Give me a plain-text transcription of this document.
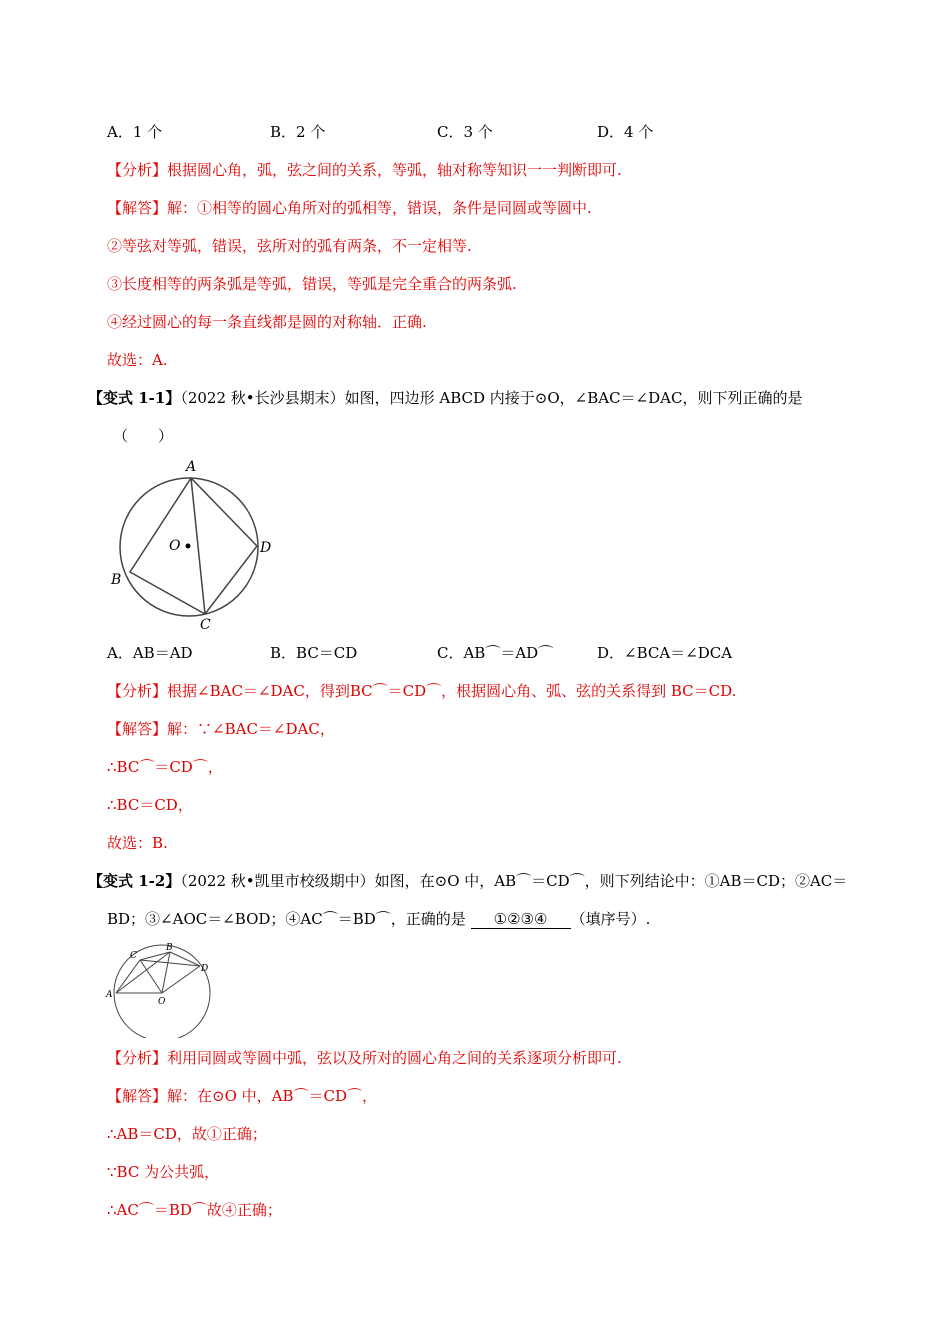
A．1 个	B．2 个	C．3 个	D．4 个
【分析】根据圆心角，弧，弦之间的关系，等弧，轴对称等知识一一判断即可.
【解答】解：①相等的圆心角所对的弧相等，错误，条件是同圆或等圆中.
②等弦对等弧，错误，弦所对的弧有两条，不一定相等.
③长度相等的两条弧是等弧，错误，等弧是完全重合的两条弧.
④经过圆心的每一条直线都是圆的对称轴．正确.
故选：A.
【变式 1-1】（2022 秋•长沙县期末）如图，四边形 ABCD 内接于⊙O，∠BAC＝∠DAC，则下列正确的是
（　　）
A
B
C
D
O
A．AB＝AD	B．BC＝CD	C．AB⌒＝AD⌒	D．∠BCA＝∠DCA
【分析】根据∠BAC＝∠DAC，得到BC⌒＝CD⌒，根据圆心角、弧、弦的关系得到 BC＝CD.
【解答】解：∵∠BAC＝∠DAC，
∴BC⌒＝CD⌒，
∴BC＝CD，
故选：B.
【变式 1-2】（2022 秋•凯里市校级期中）如图，在⊙O 中，AB⌒＝CD⌒，则下列结论中：①AB＝CD；②AC＝
BD；③∠AOC＝∠BOD；④AC⌒＝BD⌒，正确的是 ①②③④ （填序号）.
A
B
C
D
O
【分析】利用同圆或等圆中弧，弦以及所对的圆心角之间的关系逐项分析即可.
【解答】解：在⊙O 中，AB⌒＝CD⌒，
∴AB＝CD，故①正确；
∵BC 为公共弧，
∴AC⌒＝BD⌒故④正确；
